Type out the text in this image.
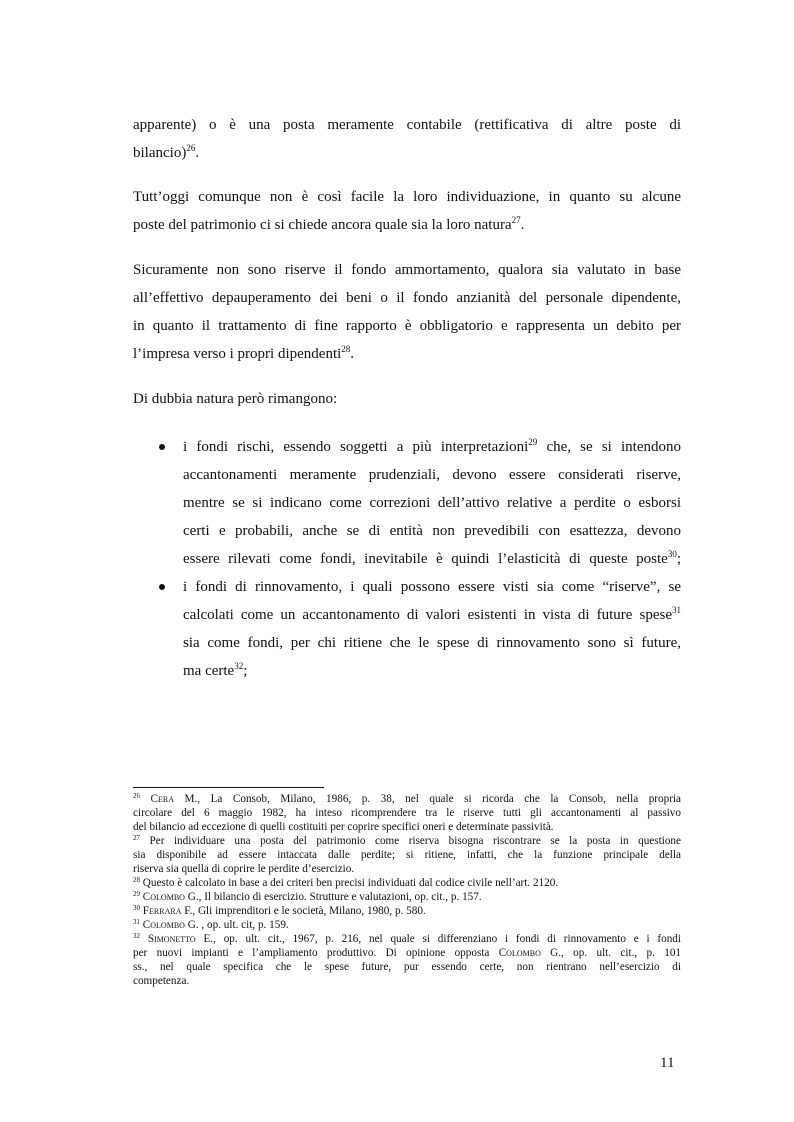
apparente) o è una posta meramente contabile (rettificativa di altre poste di
bilancio)$^{26}$.

Tutt’oggi comunque non è così facile la loro individuazione, in quanto su alcune
poste del patrimonio ci si chiede ancora quale sia la loro natura$^{27}$.

Sicuramente non sono riserve il fondo ammortamento, qualora sia valutato in base
all’effettivo depauperamento dei beni o il fondo anzianità del personale dipendente,
in quanto il trattamento di fine rapporto è obbligatorio e rappresenta un debito per
l’impresa verso i propri dipendenti$^{28}$.

Di dubbia natura però rimangono:

i fondi rischi, essendo soggetti a più interpretazioni$^{29}$ che, se si intendono
accantonamenti meramente prudenziali, devono essere considerati riserve,
mentre se si indicano come correzioni dell’attivo relative a perdite o esborsi
certi e probabili, anche se di entità non prevedibili con esattezza, devono
essere rilevati come fondi, inevitabile è quindi l’elasticità di queste poste$^{30}$;
i fondi di rinnovamento, i quali possono essere visti sia come “riserve”, se
calcolati come un accantonamento di valori esistenti in vista di future spese$^{31}$
sia come fondi, per chi ritiene che le spese di rinnovamento sono sì future,
ma certe$^{32}$;

$^{26}$ Cera M., La Consob, Milano, 1986, p. 38, nel quale si ricorda che la Consob, nella propria
circolare del 6 maggio 1982, ha inteso ricomprendere tra le riserve tutti gli accantonamenti al passivo
del bilancio ad eccezione di quelli costituiti per coprire specifici oneri e determinate passività.

$^{27}$ Per individuare una posta del patrimonio come riserva bisogna riscontrare se la posta in questione
sia disponibile ad essere intaccata dalle perdite; si ritiene, infatti, che la funzione principale della
riserva sia quella di coprire le perdite d’esercizio.

$^{28}$ Questo è calcolato in base a dei criteri ben precisi individuati dal codice civile nell’art. 2120.

$^{29}$ Colombo G., Il bilancio di esercizio. Strutture e valutazioni, op. cit., p. 157.

$^{30}$ Ferrara F., Gli imprenditori e le società, Milano, 1980, p. 580.

$^{31}$ Colombo G. , op. ult. cit, p. 159.

$^{32}$ Simonetto E., op. ult. cit., 1967, p. 216, nel quale si differenziano i fondi di rinnovamento e i fondi
per nuovi impianti e l’ampliamento produttivo. Di opinione opposta Colombo G., op. ult. cit., p. 101
ss., nel quale specifica che le spese future, pur essendo certe, non rientrano nell’esercizio di
competenza.

11
